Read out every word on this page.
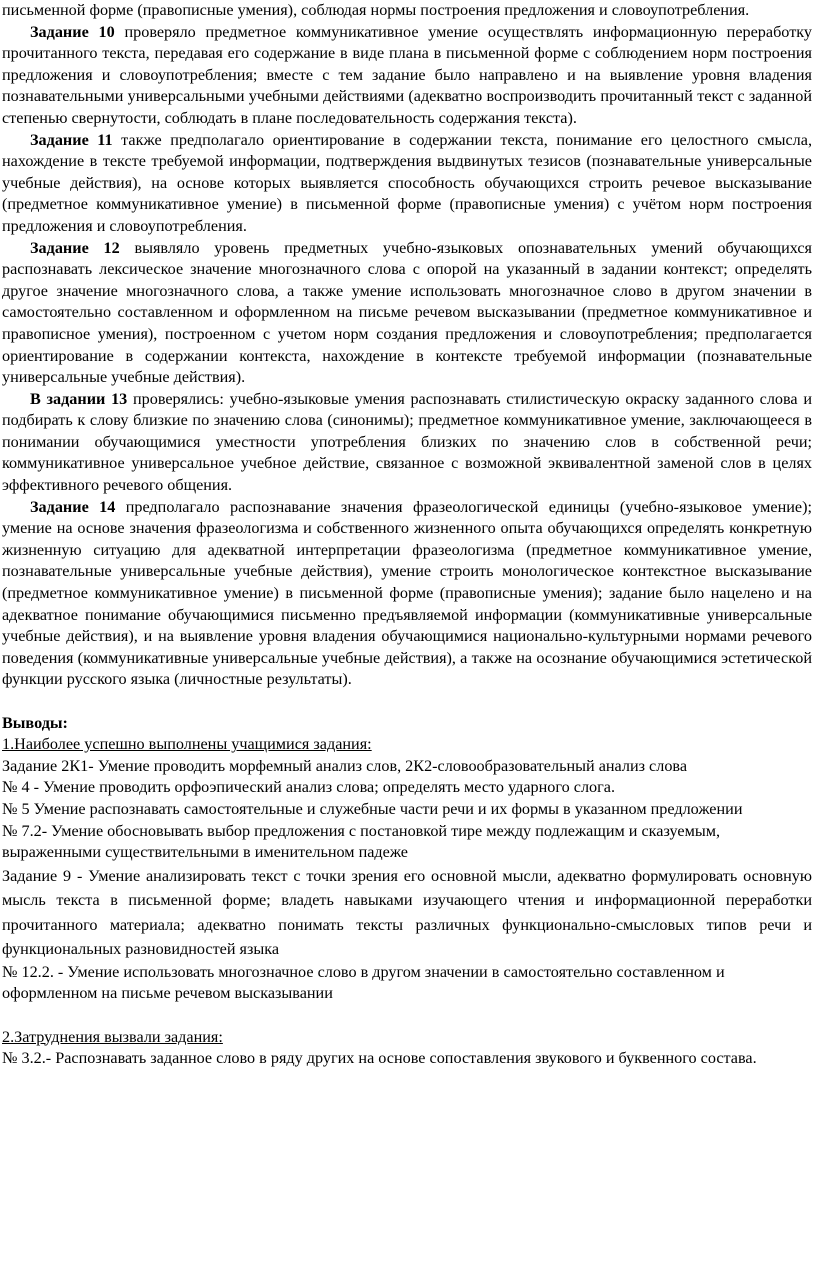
письменной форме (правописные умения), соблюдая нормы построения предложения и словоупотребления.

Задание 10 проверяло предметное коммуникативное умение осуществлять информационную переработку прочитанного текста, передавая его содержание в виде плана в письменной форме с соблюдением норм построения предложения и словоупотребления; вместе с тем задание было направлено и на выявление уровня владения познавательными универсальными учебными действиями (адекватно воспроизводить прочитанный текст с заданной степенью свернутости, соблюдать в плане последовательность содержания текста).

Задание 11 также предполагало ориентирование в содержании текста, понимание его целостного смысла, нахождение в тексте требуемой информации, подтверждения выдвинутых тезисов (познавательные универсальные учебные действия), на основе которых выявляется способность обучающихся строить речевое высказывание (предметное коммуникативное умение) в письменной форме (правописные умения) с учётом норм построения предложения и словоупотребления.

Задание 12 выявляло уровень предметных учебно-языковых опознавательных умений обучающихся распознавать лексическое значение многозначного слова с опорой на указанный в задании контекст; определять другое значение многозначного слова, а также умение использовать многозначное слово в другом значении в самостоятельно составленном и оформленном на письме речевом высказывании (предметное коммуникативное и правописное умения), построенном с учетом норм создания предложения и словоупотребления; предполагается ориентирование в содержании контекста, нахождение в контексте требуемой информации (познавательные универсальные учебные действия).

В задании 13 проверялись: учебно-языковые умения распознавать стилистическую окраску заданного слова и подбирать к слову близкие по значению слова (синонимы); предметное коммуникативное умение, заключающееся в понимании обучающимися уместности употребления близких по значению слов в собственной речи; коммуникативное универсальное учебное действие, связанное с возможной эквивалентной заменой слов в целях эффективного речевого общения.

Задание 14 предполагало распознавание значения фразеологической единицы (учебно-языковое умение); умение на основе значения фразеологизма и собственного жизненного опыта обучающихся определять конкретную жизненную ситуацию для адекватной интерпретации фразеологизма (предметное коммуникативное умение, познавательные универсальные учебные действия), умение строить монологическое контекстное высказывание (предметное коммуникативное умение) в письменной форме (правописные умения); задание было нацелено и на адекватное понимание обучающимися письменно предъявляемой информации (коммуникативные универсальные учебные действия), и на выявление уровня владения обучающимися национально-культурными нормами речевого поведения (коммуникативные универсальные учебные действия), а также на осознание обучающимися эстетической функции русского языка (личностные результаты).

Выводы:

1.Наиболее успешно выполнены учащимися задания:

Задание 2К1- Умение проводить морфемный анализ слов, 2К2-словообразовательный анализ слова

№ 4 - Умение проводить орфоэпический анализ слова; определять место ударного слога.

№ 5 Умение распознавать самостоятельные и служебные части речи и их формы в указанном предложении

№ 7.2- Умение обосновывать выбор предложения с постановкой тире между подлежащим и сказуемым, выраженными существительными в именительном падеже

Задание 9 - Умение анализировать текст с точки зрения его основной мысли, адекватно формулировать основную мысль текста в письменной форме; владеть навыками изучающего чтения и информационной переработки прочитанного материала; адекватно понимать тексты различных функционально-смысловых типов речи и функциональных разновидностей языка

№ 12.2. - Умение использовать многозначное слово в другом значении в самостоятельно составленном и оформленном на письме речевом высказывании

2.Затруднения вызвали задания:

№ 3.2.- Распознавать заданное слово в ряду других на основе сопоставления звукового и буквенного состава.
